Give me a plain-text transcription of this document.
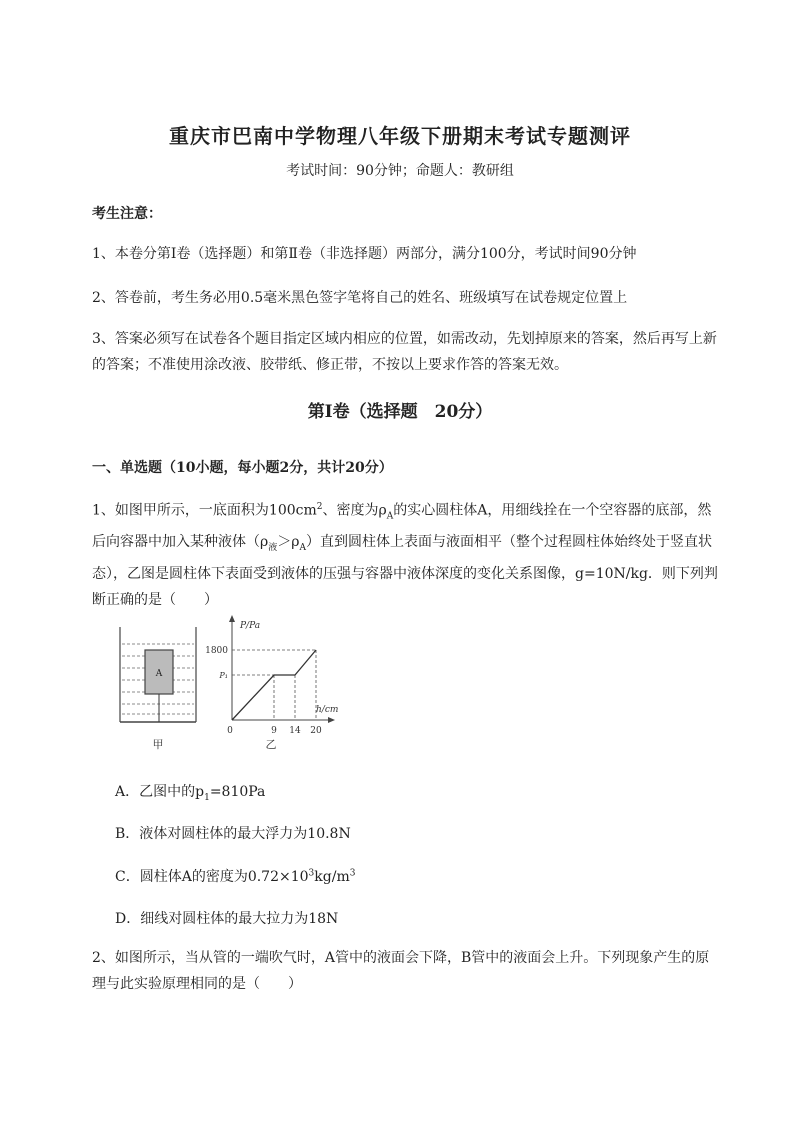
重庆市巴南中学物理八年级下册期末考试专题测评
考试时间：90分钟；命题人：教研组
考生注意：
1、本卷分第I卷（选择题）和第Ⅱ卷（非选择题）两部分，满分100分，考试时间90分钟
2、答卷前，考生务必用0.5毫米黑色签字笔将自己的姓名、班级填写在试卷规定位置上
3、答案必须写在试卷各个题目指定区域内相应的位置，如需改动，先划掉原来的答案，然后再写上新的答案；不准使用涂改液、胶带纸、修正带，不按以上要求作答的答案无效。
第I卷（选择题　20分）
一、单选题（10小题，每小题2分，共计20分）
1、如图甲所示，一底面积为$100cm^2$、密度为$\rho_A$的实心圆柱体A，用细线拴在一个空容器的底部，然后向容器中加入某种液体$(\rho_液>\rho_A)$直到圆柱体上表面与液面相平（整个过程圆柱体始终处于竖直状态），乙图是圆柱体下表面受到液体的压强与容器中液体深度的变化关系图像，g=10N/kg．则下列判断正确的是（　　）
A
甲
P/Pa
h/cm
1800
P₁
0	9 14 20
乙
A．乙图中的$p_1=810Pa$
B．液体对圆柱体的最大浮力为10.8N
C．圆柱体A的密度为$0.72\times 10^3kg/m^3$
D．细线对圆柱体的最大拉力为18N
2、如图所示，当从管的一端吹气时，A管中的液面会下降，B管中的液面会上升。下列现象产生的原理与此实验原理相同的是（　　）
